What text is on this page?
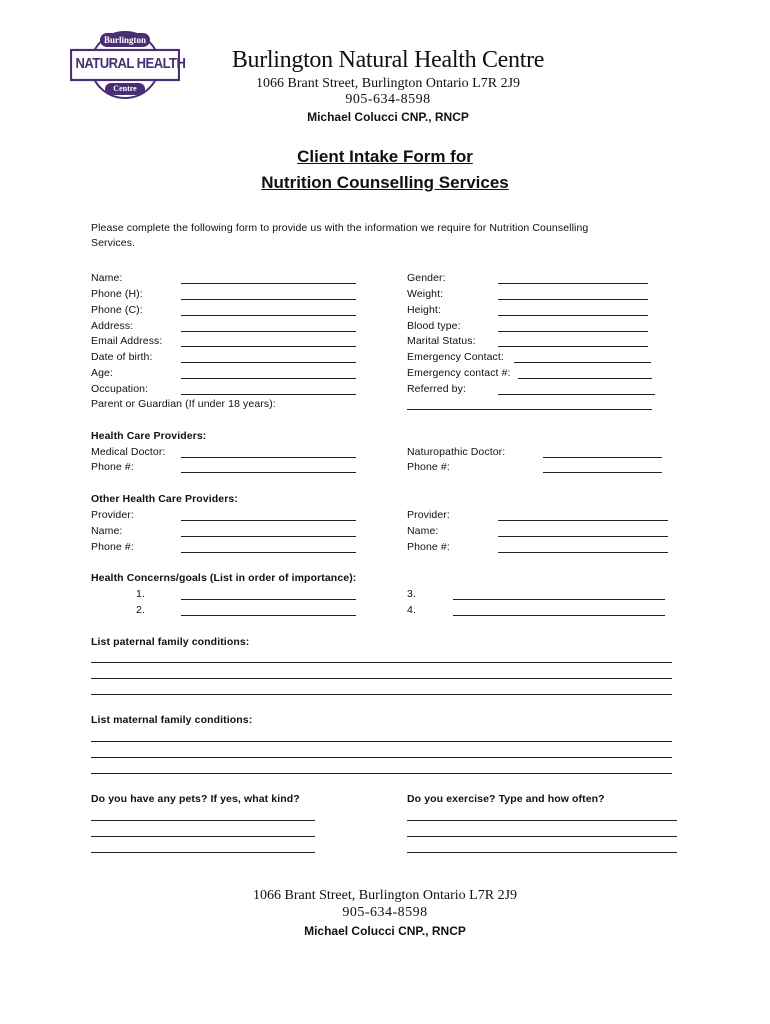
Burlington
NATURAL HEALTH
Centre
Burlington Natural Health Centre
1066 Brant Street, Burlington Ontario L7R 2J9
905-634-8598
Michael Colucci CNP., RNCP
Client Intake Form for
Nutrition Counselling Services
Please complete the following form to provide us with the information we require for Nutrition Counselling
Services.
Name:
Phone (H):
Phone (C):
Address:
Email Address:
Date of birth:
Age:
Occupation:
Parent or Guardian (If under 18 years):
Gender:
Weight:
Height:
Blood type:
Marital Status:
Emergency Contact:
Emergency contact #:
Referred by:
Health Care Providers:
Medical Doctor:
Phone #:
Naturopathic Doctor:
Phone #:
Other Health Care Providers:
Provider:
Name:
Phone #:
Provider:
Name:
Phone #:
Health Concerns/goals (List in order of importance):
1.
2.
3.
4.
List paternal family conditions:
List maternal family conditions:
Do you have any pets? If yes, what kind?	Do you exercise? Type and how often?
1066 Brant Street, Burlington Ontario L7R 2J9
905-634-8598
Michael Colucci CNP., RNCP
